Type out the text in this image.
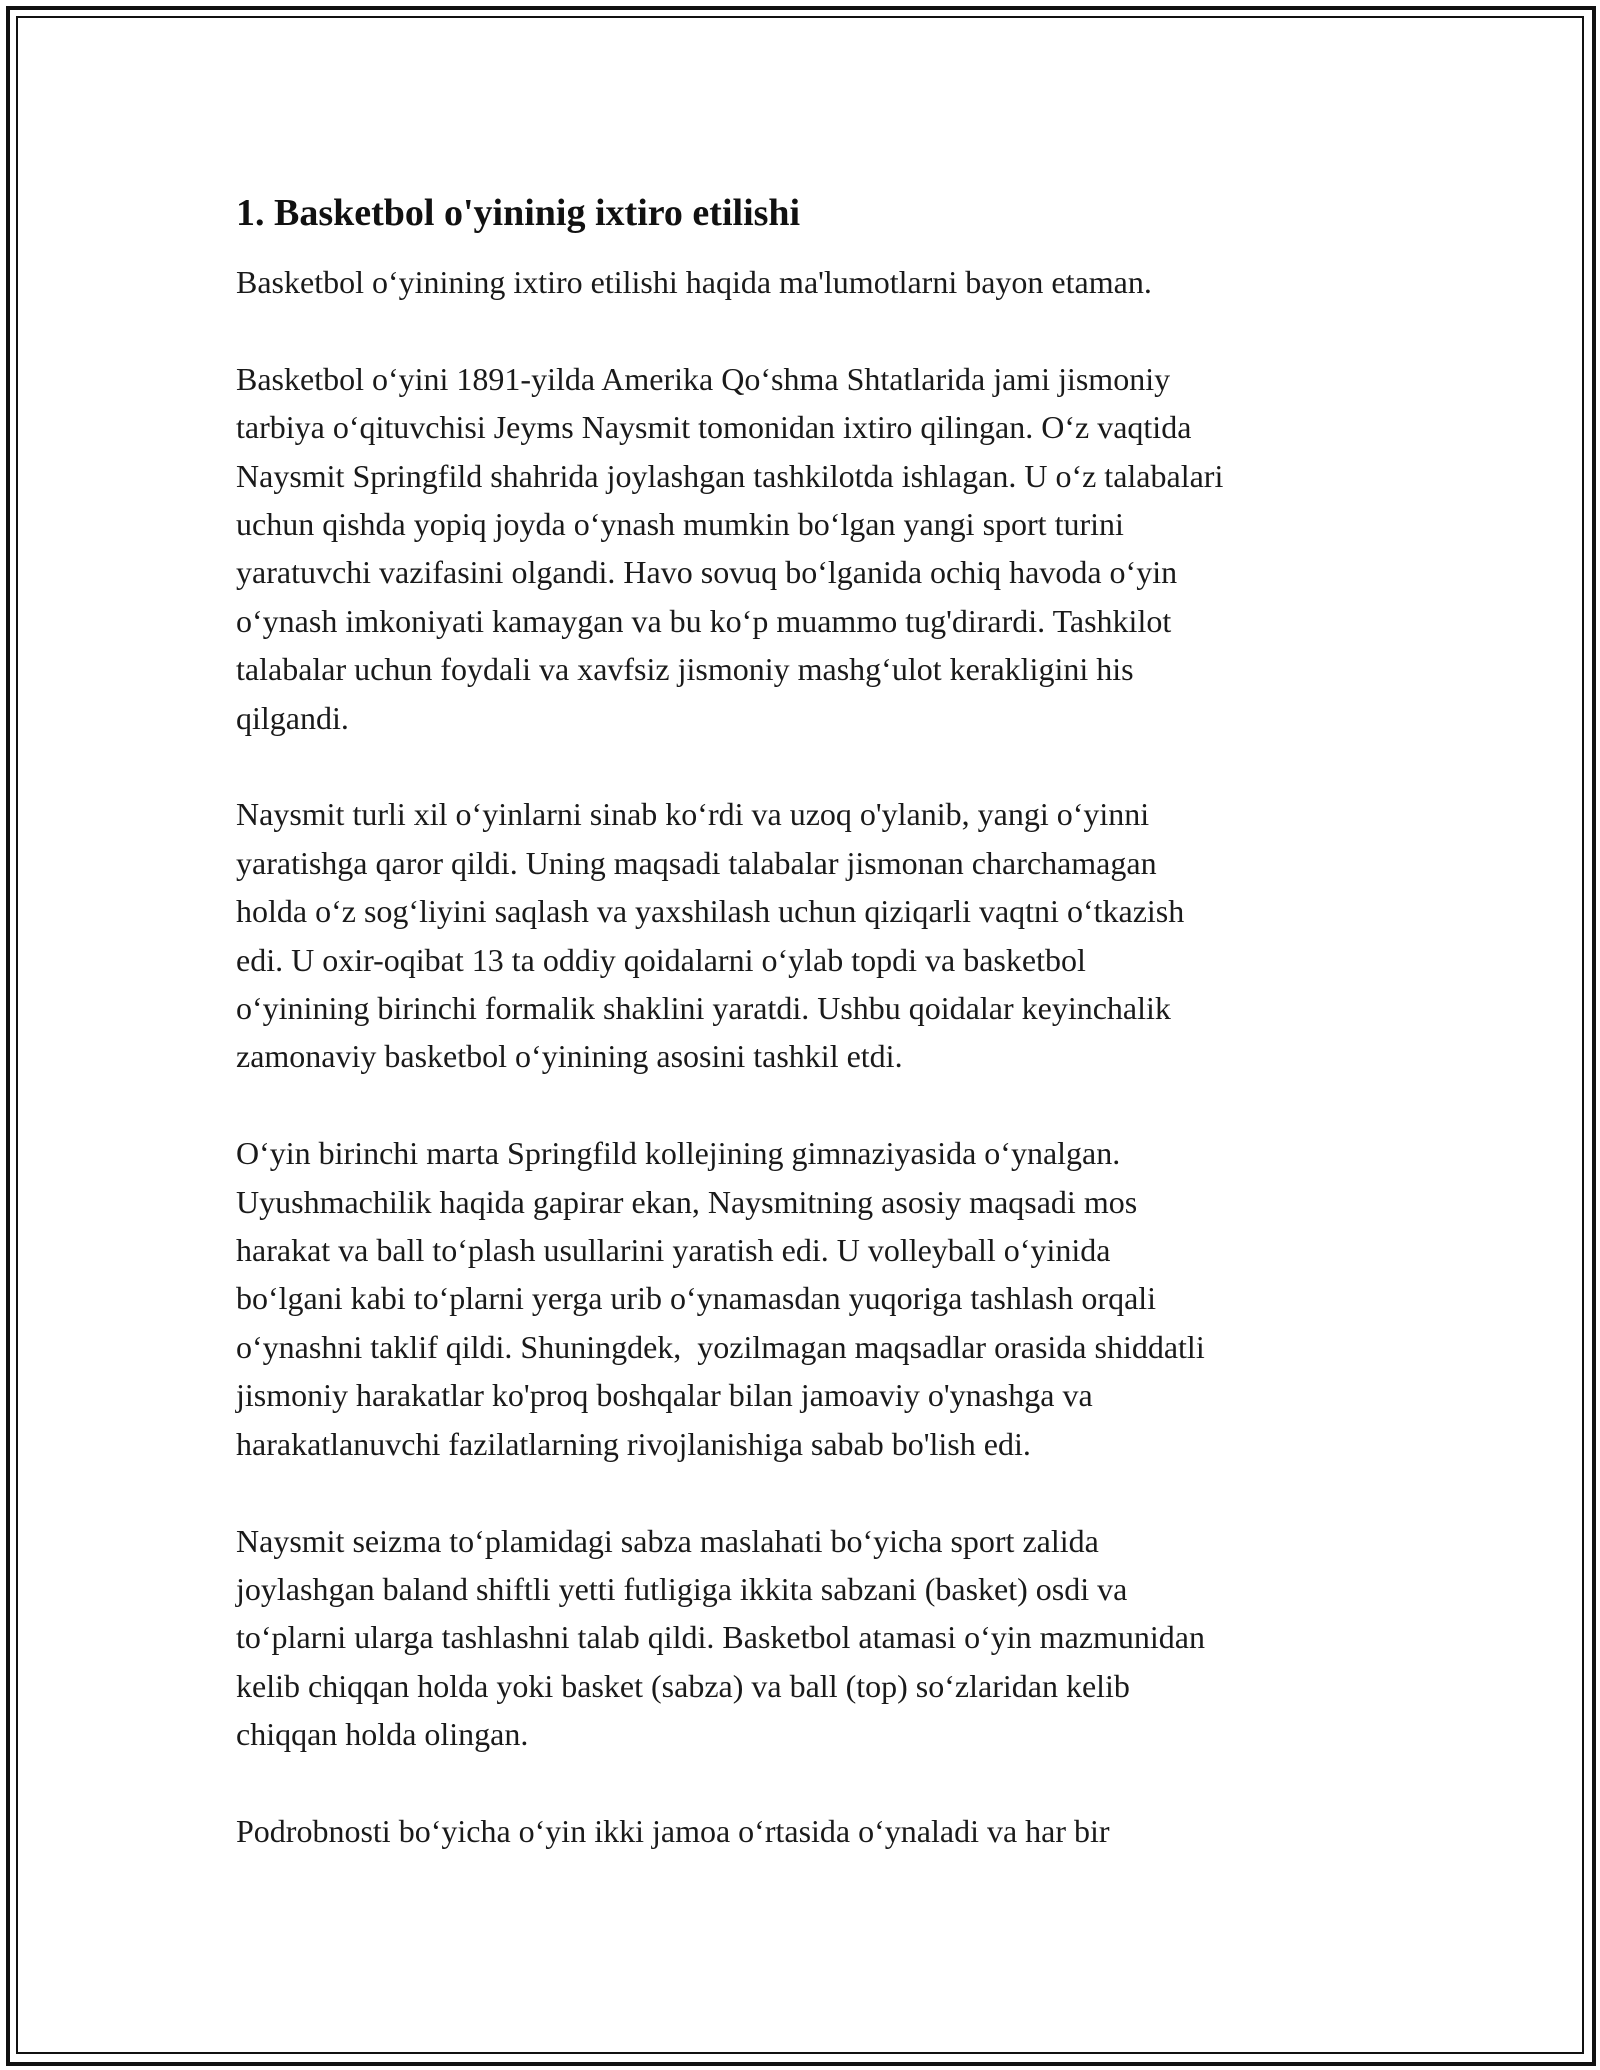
1. Basketbol o'yininig ixtiro etilishi

Basketbol o‘yinining ixtiro etilishi haqida ma'lumotlarni bayon etaman.

Basketbol o‘yini 1891-yilda Amerika Qo‘shma Shtatlarida jami jismoniy
tarbiya o‘qituvchisi Jeyms Naysmit tomonidan ixtiro qilingan. O‘z vaqtida
Naysmit Springfild shahrida joylashgan tashkilotda ishlagan. U o‘z talabalari
uchun qishda yopiq joyda o‘ynash mumkin bo‘lgan yangi sport turini
yaratuvchi vazifasini olgandi. Havo sovuq bo‘lganida ochiq havoda o‘yin
o‘ynash imkoniyati kamaygan va bu ko‘p muammo tug'dirardi. Tashkilot
talabalar uchun foydali va xavfsiz jismoniy mashg‘ulot kerakligini his
qilgandi.

Naysmit turli xil o‘yinlarni sinab ko‘rdi va uzoq o'ylanib, yangi o‘yinni
yaratishga qaror qildi. Uning maqsadi talabalar jismonan charchamagan
holda o‘z sog‘liyini saqlash va yaxshilash uchun qiziqarli vaqtni o‘tkazish
edi. U oxir-oqibat 13 ta oddiy qoidalarni o‘ylab topdi va basketbol
o‘yinining birinchi formalik shaklini yaratdi. Ushbu qoidalar keyinchalik
zamonaviy basketbol o‘yinining asosini tashkil etdi.

O‘yin birinchi marta Springfild kollejining gimnaziyasida o‘ynalgan.
Uyushmachilik haqida gapirar ekan, Naysmitning asosiy maqsadi mos
harakat va ball to‘plash usullarini yaratish edi. U volleyball o‘yinida
bo‘lgani kabi to‘plarni yerga urib o‘ynamasdan yuqoriga tashlash orqali
o‘ynashni taklif qildi. Shuningdek,  yozilmagan maqsadlar orasida shiddatli
jismoniy harakatlar ko'proq boshqalar bilan jamoaviy o'ynashga va
harakatlanuvchi fazilatlarning rivojlanishiga sabab bo'lish edi.

Naysmit seizma to‘plamidagi sabza maslahati bo‘yicha sport zalida
joylashgan baland shiftli yetti futligiga ikkita sabzani (basket) osdi va
to‘plarni ularga tashlashni talab qildi. Basketbol atamasi o‘yin mazmunidan
kelib chiqqan holda yoki basket (sabza) va ball (top) so‘zlaridan kelib
chiqqan holda olingan.

Podrobnosti bo‘yicha o‘yin ikki jamoa o‘rtasida o‘ynaladi va har bir
